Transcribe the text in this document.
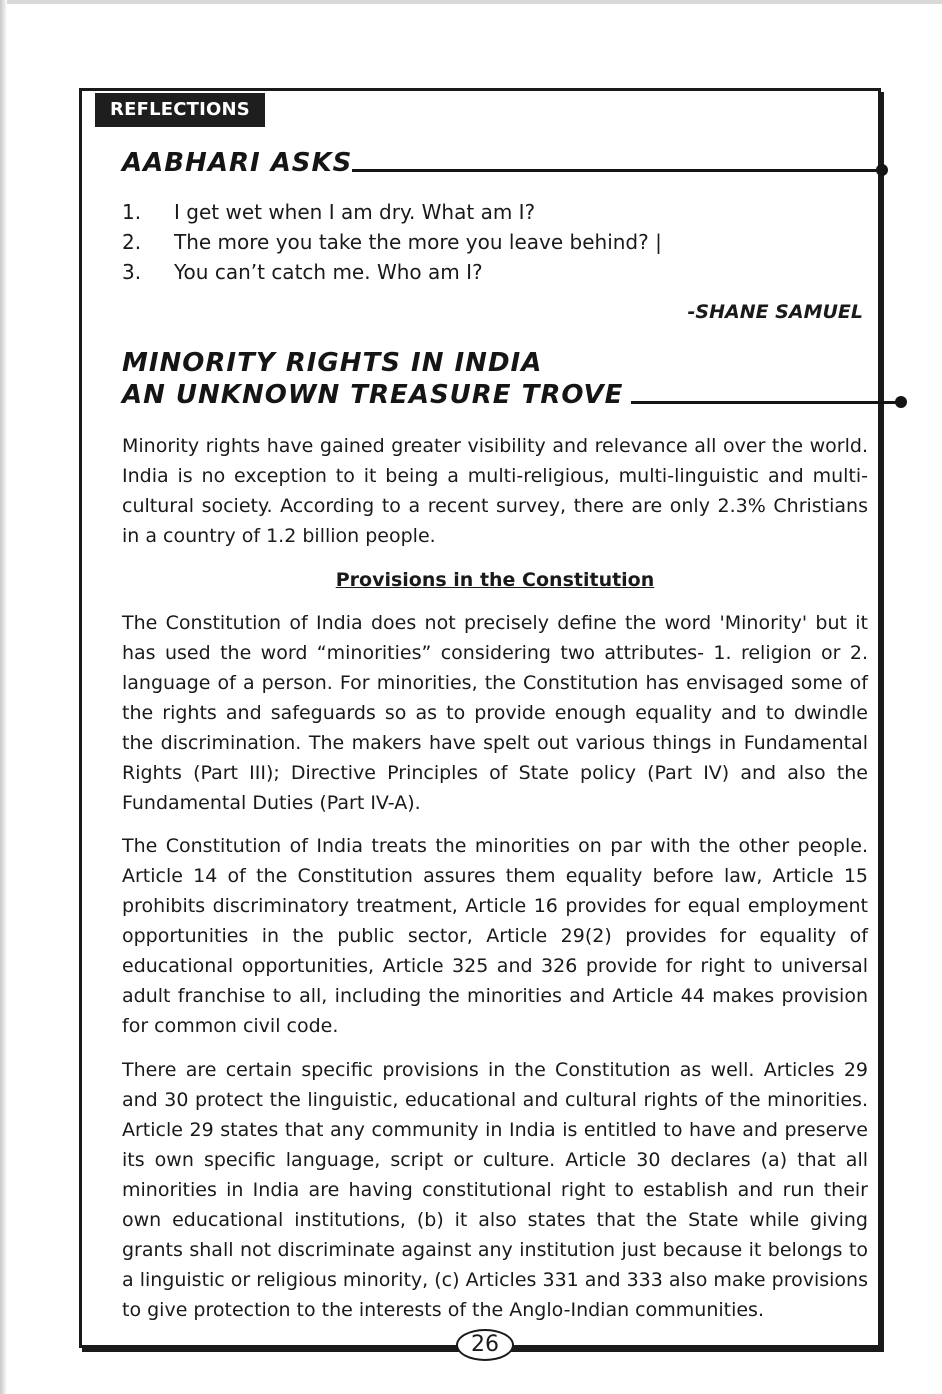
REFLECTIONS
AABHARI ASKS
1.	I get wet when I am dry. What am I?
2.	The more you take the more you leave behind? |
3.	You can’t catch me. Who am I?
-SHANE SAMUEL
MINORITY RIGHTS IN INDIA
AN UNKNOWN TREASURE TROVE

Minority rights have gained greater visibility and relevance all over the world. India is no exception to it being a multi-religious, multi-linguistic and multi-cultural society. According to a recent survey, there are only 2.3% Christians in a country of 1.2 billion people.

Provisions in the Constitution

The Constitution of India does not precisely define the word 'Minority' but it has used the word “minorities” considering two attributes- 1. religion or 2. language of a person. For minorities, the Constitution has envisaged some of the rights and safeguards so as to provide enough equality and to dwindle the discrimination. The makers have spelt out various things in Fundamental Rights (Part III); Directive Principles of State policy (Part IV) and also the Fundamental Duties (Part IV-A).

The Constitution of India treats the minorities on par with the other people. Article 14 of the Constitution assures them equality before law, Article 15 prohibits discriminatory treatment, Article 16 provides for equal employment opportunities in the public sector, Article 29(2) provides for equality of educational opportunities, Article 325 and 326 provide for right to universal adult franchise to all, including the minorities and Article 44 makes provision for common civil code.

There are certain specific provisions in the Constitution as well. Articles 29 and 30 protect the linguistic, educational and cultural rights of the minorities. Article 29 states that any community in India is entitled to have and preserve its own specific language, script or culture. Article 30 declares (a) that all minorities in India are having constitutional right to establish and run their own educational institutions, (b) it also states that the State while giving grants shall not discriminate against any institution just because it belongs to a linguistic or religious minority, (c) Articles 331 and 333 also make provisions to give protection to the interests of the Anglo-Indian communities.

26
